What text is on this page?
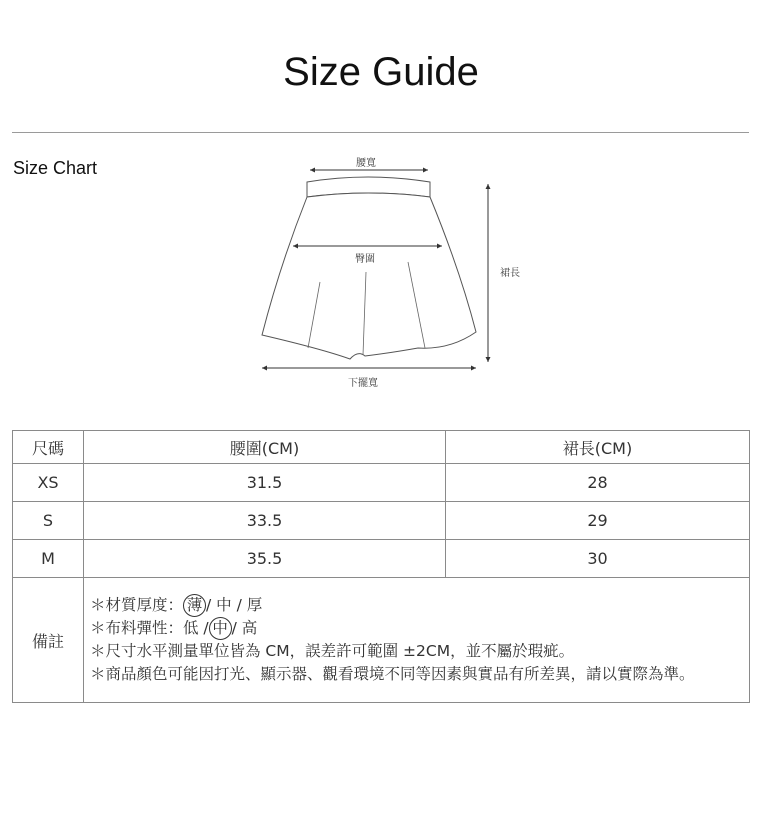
Size Guide
Size Chart	腰寬
臀圍
裙長
下擺寬
尺碼	腰圍(CM)	裙長(CM)
XS	31.5	28
S	33.5	29
M	35.5	30
備註	＊材質厚度： 薄 / 中 / 厚
＊布料彈性：低 / 中 / 高
＊尺寸水平測量單位皆為 CM，誤差許可範圍 ±2CM，並不屬於瑕疵。
＊商品顏色可能因打光、顯示器、觀看環境不同等因素與實品有所差異，請以實際為準。	
